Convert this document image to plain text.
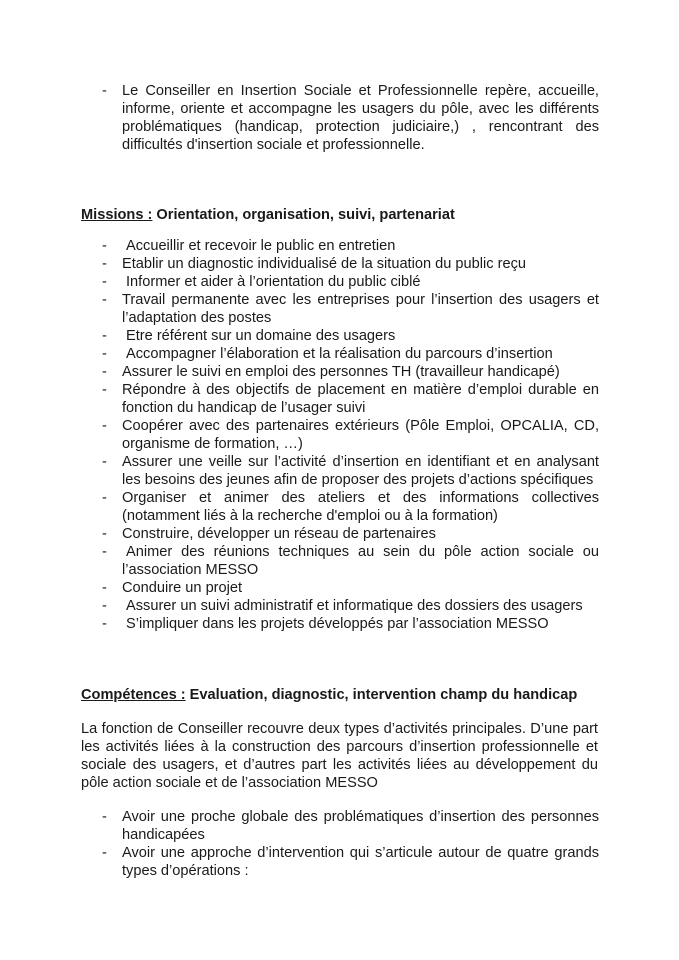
- Le Conseiller en Insertion Sociale et Professionnelle repère, accueille, informe, oriente et accompagne les usagers du pôle, avec les différents problématiques (handicap, protection judiciaire,) , rencontrant des difficultés d'insertion sociale et professionnelle.
Missions : Orientation, organisation, suivi, partenariat
- Accueillir et recevoir le public en entretien
- Etablir un diagnostic individualisé de la situation du public reçu
- Informer et aider à l’orientation du public ciblé
- Travail permanente avec les entreprises pour l’insertion des usagers et l’adaptation des postes
- Etre référent sur un domaine des usagers
- Accompagner l’élaboration et la réalisation du parcours d’insertion
- Assurer le suivi en emploi des personnes TH (travailleur handicapé)
- Répondre à des objectifs de placement en matière d’emploi durable en fonction du handicap de l’usager suivi
- Coopérer avec des partenaires extérieurs (Pôle Emploi, OPCALIA, CD, organisme de formation, …)
- Assurer une veille sur l’activité d’insertion en identifiant et en analysant les besoins des jeunes afin de proposer des projets d’actions spécifiques
- Organiser et animer des ateliers et des informations collectives (notamment liés à la recherche d'emploi ou à la formation)
- Construire, développer un réseau de partenaires
- Animer des réunions techniques au sein du pôle action sociale ou l’association MESSO
- Conduire un projet
- Assurer un suivi administratif et informatique des dossiers des usagers
- S’impliquer dans les projets développés par l’association MESSO
Compétences : Evaluation, diagnostic, intervention champ du handicap

La fonction de Conseiller recouvre deux types d’activités principales. D’une part les activités liées à la construction des parcours d’insertion professionnelle et sociale des usagers, et d’autres part les activités liées au développement du pôle action sociale et de l’association MESSO

- Avoir une proche globale des problématiques d’insertion des personnes handicapées
- Avoir une approche d’intervention qui s’articule autour de quatre grands types d’opérations :
